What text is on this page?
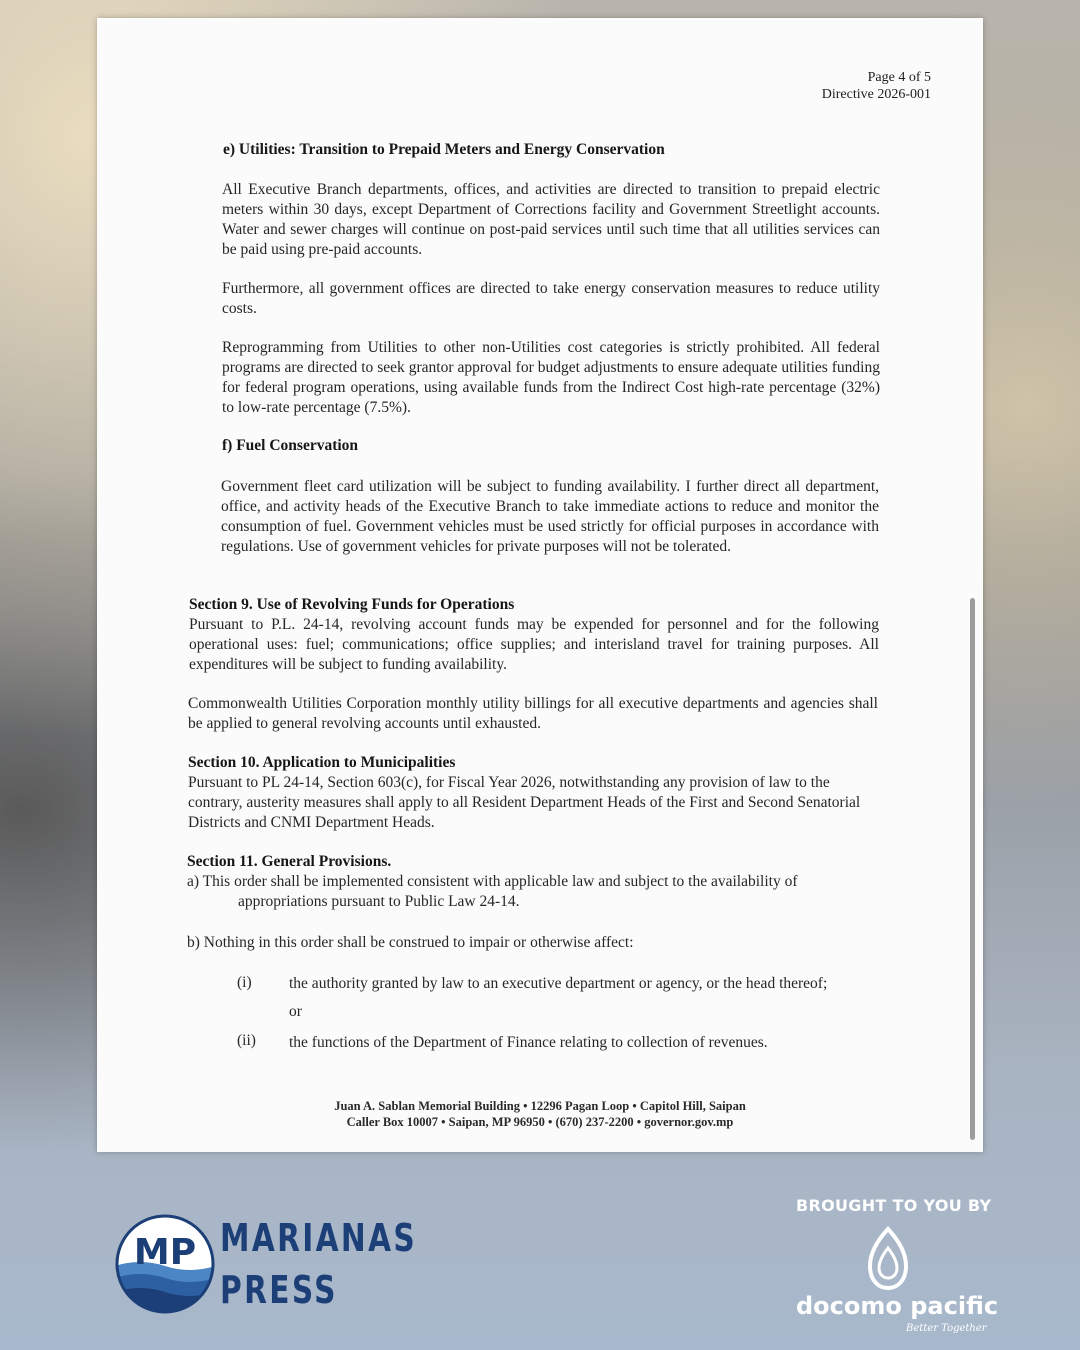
Page 4 of 5
Directive 2026-001

e) Utilities: Transition to Prepaid Meters and Energy Conservation

All Executive Branch departments, offices, and activities are directed to transition to prepaid electric meters within 30 days, except Department of Corrections facility and Government Streetlight accounts. Water and sewer charges will continue on post-paid services until such time that all utilities services can be paid using pre-paid accounts.

Furthermore, all government offices are directed to take energy conservation measures to reduce utility costs.

Reprogramming from Utilities to other non-Utilities cost categories is strictly prohibited. All federal programs are directed to seek grantor approval for budget adjustments to ensure adequate utilities funding for federal program operations, using available funds from the Indirect Cost high-rate percentage (32%) to low-rate percentage (7.5%).

f) Fuel Conservation

Government fleet card utilization will be subject to funding availability. I further direct all department, office, and activity heads of the Executive Branch to take immediate actions to reduce and monitor the consumption of fuel. Government vehicles must be used strictly for official purposes in accordance with regulations. Use of government vehicles for private purposes will not be tolerated.

Section 9. Use of Revolving Funds for Operations

Pursuant to P.L. 24-14, revolving account funds may be expended for personnel and for the following operational uses: fuel; communications; office supplies; and interisland travel for training purposes. All expenditures will be subject to funding availability.

Commonwealth Utilities Corporation monthly utility billings for all executive departments and agencies shall be applied to general revolving accounts until exhausted.

Section 10. Application to Municipalities

Pursuant to PL 24-14, Section 603(c), for Fiscal Year 2026, notwithstanding any provision of law to the contrary, austerity measures shall apply to all Resident Department Heads of the First and Second Senatorial Districts and CNMI Department Heads.

Section 11. General Provisions.

a) This order shall be implemented consistent with applicable law and subject to the availability of

appropriations pursuant to Public Law 24-14.

b) Nothing in this order shall be construed to impair or otherwise affect:

(i) the authority granted by law to an executive department or agency, or the head thereof;

or

(ii) the functions of the Department of Finance relating to collection of revenues.

Juan A. Sablan Memorial Building • 12296 Pagan Loop • Capitol Hill, Saipan
Caller Box 10007 • Saipan, MP 96950 • (670) 237-2200 • governor.gov.mp
MP MARIANAS
PRESS
BROUGHT TO YOU BY
docomo pacific
Better Together
